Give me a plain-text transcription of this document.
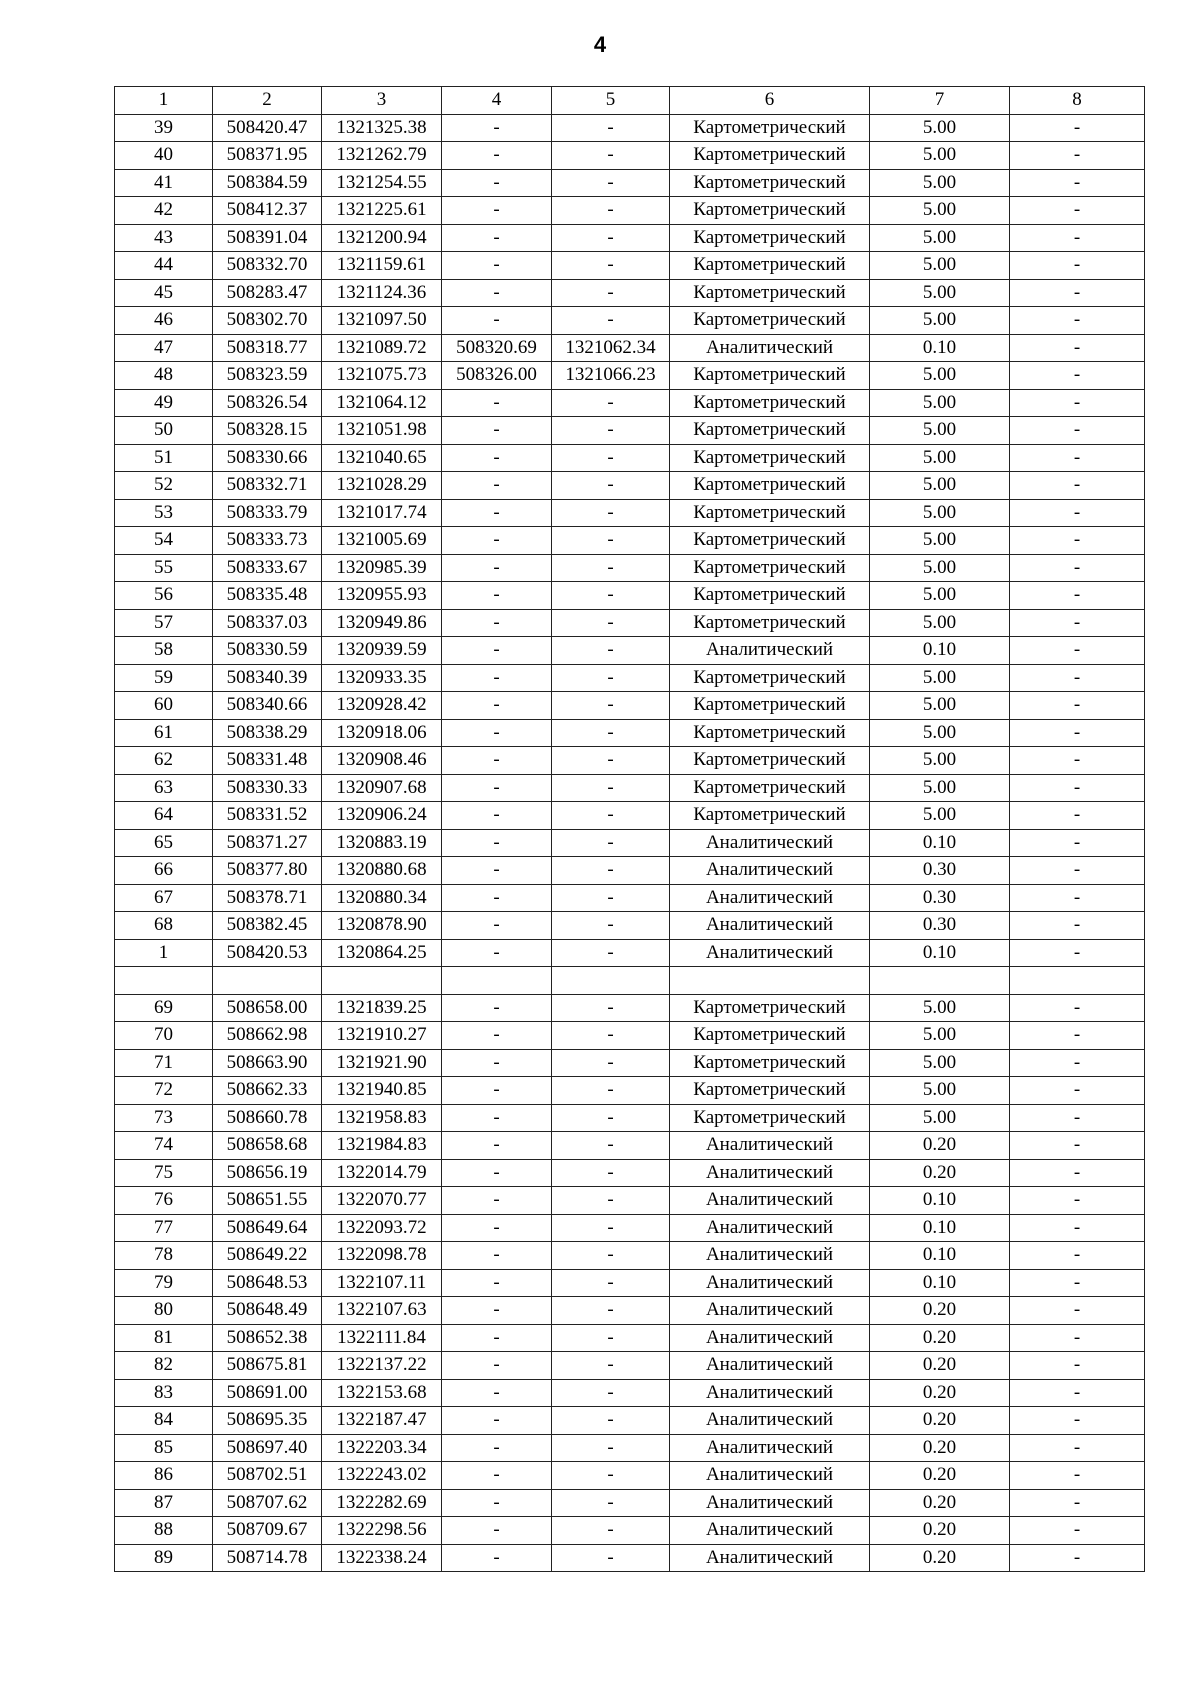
4
1	2	3	4	5	6	7	8
39	508420.47	1321325.38	-	-	Картометрический	5.00	-
40	508371.95	1321262.79	-	-	Картометрический	5.00	-
41	508384.59	1321254.55	-	-	Картометрический	5.00	-
42	508412.37	1321225.61	-	-	Картометрический	5.00	-
43	508391.04	1321200.94	-	-	Картометрический	5.00	-
44	508332.70	1321159.61	-	-	Картометрический	5.00	-
45	508283.47	1321124.36	-	-	Картометрический	5.00	-
46	508302.70	1321097.50	-	-	Картометрический	5.00	-
47	508318.77	1321089.72	508320.69	1321062.34	Аналитический	0.10	-
48	508323.59	1321075.73	508326.00	1321066.23	Картометрический	5.00	-
49	508326.54	1321064.12	-	-	Картометрический	5.00	-
50	508328.15	1321051.98	-	-	Картометрический	5.00	-
51	508330.66	1321040.65	-	-	Картометрический	5.00	-
52	508332.71	1321028.29	-	-	Картометрический	5.00	-
53	508333.79	1321017.74	-	-	Картометрический	5.00	-
54	508333.73	1321005.69	-	-	Картометрический	5.00	-
55	508333.67	1320985.39	-	-	Картометрический	5.00	-
56	508335.48	1320955.93	-	-	Картометрический	5.00	-
57	508337.03	1320949.86	-	-	Картометрический	5.00	-
58	508330.59	1320939.59	-	-	Аналитический	0.10	-
59	508340.39	1320933.35	-	-	Картометрический	5.00	-
60	508340.66	1320928.42	-	-	Картометрический	5.00	-
61	508338.29	1320918.06	-	-	Картометрический	5.00	-
62	508331.48	1320908.46	-	-	Картометрический	5.00	-
63	508330.33	1320907.68	-	-	Картометрический	5.00	-
64	508331.52	1320906.24	-	-	Картометрический	5.00	-
65	508371.27	1320883.19	-	-	Аналитический	0.10	-
66	508377.80	1320880.68	-	-	Аналитический	0.30	-
67	508378.71	1320880.34	-	-	Аналитический	0.30	-
68	508382.45	1320878.90	-	-	Аналитический	0.30	-
1	508420.53	1320864.25	-	-	Аналитический	0.10	-

69	508658.00	1321839.25	-	-	Картометрический	5.00	-
70	508662.98	1321910.27	-	-	Картометрический	5.00	-
71	508663.90	1321921.90	-	-	Картометрический	5.00	-
72	508662.33	1321940.85	-	-	Картометрический	5.00	-
73	508660.78	1321958.83	-	-	Картометрический	5.00	-
74	508658.68	1321984.83	-	-	Аналитический	0.20	-
75	508656.19	1322014.79	-	-	Аналитический	0.20	-
76	508651.55	1322070.77	-	-	Аналитический	0.10	-
77	508649.64	1322093.72	-	-	Аналитический	0.10	-
78	508649.22	1322098.78	-	-	Аналитический	0.10	-
79	508648.53	1322107.11	-	-	Аналитический	0.10	-
80	508648.49	1322107.63	-	-	Аналитический	0.20	-
81	508652.38	1322111.84	-	-	Аналитический	0.20	-
82	508675.81	1322137.22	-	-	Аналитический	0.20	-
83	508691.00	1322153.68	-	-	Аналитический	0.20	-
84	508695.35	1322187.47	-	-	Аналитический	0.20	-
85	508697.40	1322203.34	-	-	Аналитический	0.20	-
86	508702.51	1322243.02	-	-	Аналитический	0.20	-
87	508707.62	1322282.69	-	-	Аналитический	0.20	-
88	508709.67	1322298.56	-	-	Аналитический	0.20	-
89	508714.78	1322338.24	-	-	Аналитический	0.20	-
